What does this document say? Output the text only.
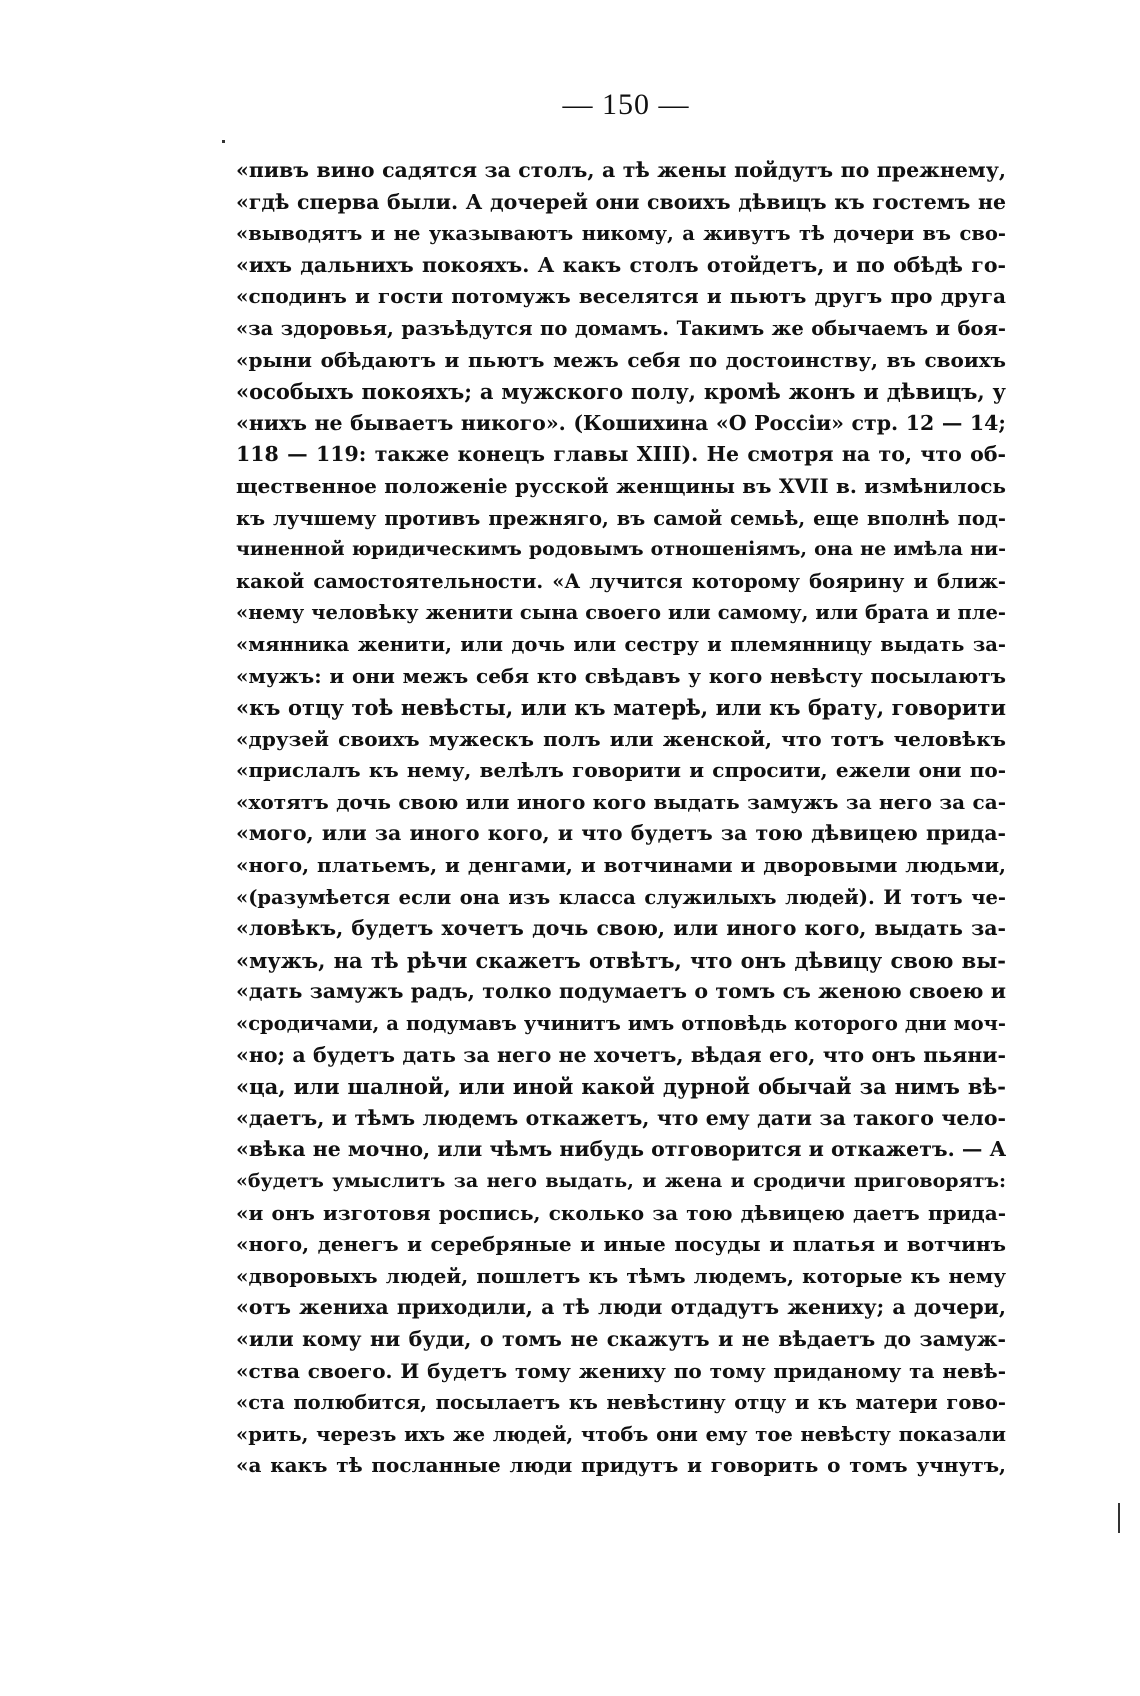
— 150 —
«пивъ вино садятся за столъ, а тѣ жены пойдутъ по прежнему,
«гдѣ сперва были. А дочерей они своихъ дѣвицъ къ гостемъ не
«выводятъ и не указываютъ никому, а живутъ тѣ дочери въ сво-
«ихъ дальнихъ покояхъ. А какъ столъ отойдетъ, и по обѣдѣ го-
«сподинъ и гости потомужъ веселятся и пьютъ другъ про друга
«за здоровья, разъѣдутся по домамъ. Такимъ же обычаемъ и боя-
«рыни обѣдаютъ и пьютъ межъ себя по достоинству, въ своихъ
«особыхъ покояхъ; а мужского полу, кромѣ жонъ и дѣвицъ, у
«нихъ не бываетъ никого». (Кошихина «О Россіи» стр. 12 — 14;
118 — 119: также конецъ главы XIII). Не смотря на то, что об-
щественное положеніе русской женщины въ XVII в. измѣнилось
къ лучшему противъ прежняго, въ самой семьѣ, еще вполнѣ под-
чиненной юридическимъ родовымъ отношеніямъ, она не имѣла ни-
какой самостоятельности. «А лучится которому боярину и ближ-
«нему человѣку женити сына своего или самому, или брата и пле-
«мянника женити, или дочь или сестру и племянницу выдать за-
«мужъ: и они межъ себя кто свѣдавъ у кого невѣсту посылаютъ
«къ отцу тоѣ невѣсты, или къ матерѣ, или къ брату, говорити
«друзей своихъ мужескъ полъ или женской, что тотъ человѣкъ
«прислалъ къ нему, велѣлъ говорити и спросити, ежели они по-
«хотятъ дочь свою или иного кого выдать замужъ за него за са-
«мого, или за иного кого, и что будетъ за тою дѣвицею прида-
«ного, платьемъ, и денгами, и вотчинами и дворовыми людьми,
«(разумѣется если она изъ класса служилыхъ людей). И тотъ че-
«ловѣкъ, будетъ хочетъ дочь свою, или иного кого, выдать за-
«мужъ, на тѣ рѣчи скажетъ отвѣтъ, что онъ дѣвицу свою вы-
«дать замужъ радъ, толко подумаетъ о томъ съ женою своею и
«сродичами, а подумавъ учинитъ имъ отповѣдь которого дни моч-
«но; а будетъ дать за него не хочетъ, вѣдая его, что онъ пьяни-
«ца, или шалной, или иной какой дурной обычай за нимъ вѣ-
«даетъ, и тѣмъ людемъ откажетъ, что ему дати за такого чело-
«вѣка не мочно, или чѣмъ нибудь отговорится и откажетъ. — А
«будетъ умыслитъ за него выдать, и жена и сродичи приговорятъ:
«и онъ изготовя роспись, сколько за тою дѣвицею даетъ прида-
«ного, денегъ и серебряные и иные посуды и платья и вотчинъ
«дворовыхъ людей, пошлетъ къ тѣмъ людемъ, которые къ нему
«отъ жениха приходили, а тѣ люди отдадутъ жениху; а дочери,
«или кому ни буди, о томъ не скажутъ и не вѣдаетъ до замуж-
«ства своего. И будетъ тому жениху по тому приданому та невѣ-
«ста полюбится, посылаетъ къ невѣстину отцу и къ матери гово-
«рить, черезъ ихъ же людей, чтобъ они ему тое невѣсту показали
«а какъ тѣ посланные люди придутъ и говорить о томъ учнутъ,
